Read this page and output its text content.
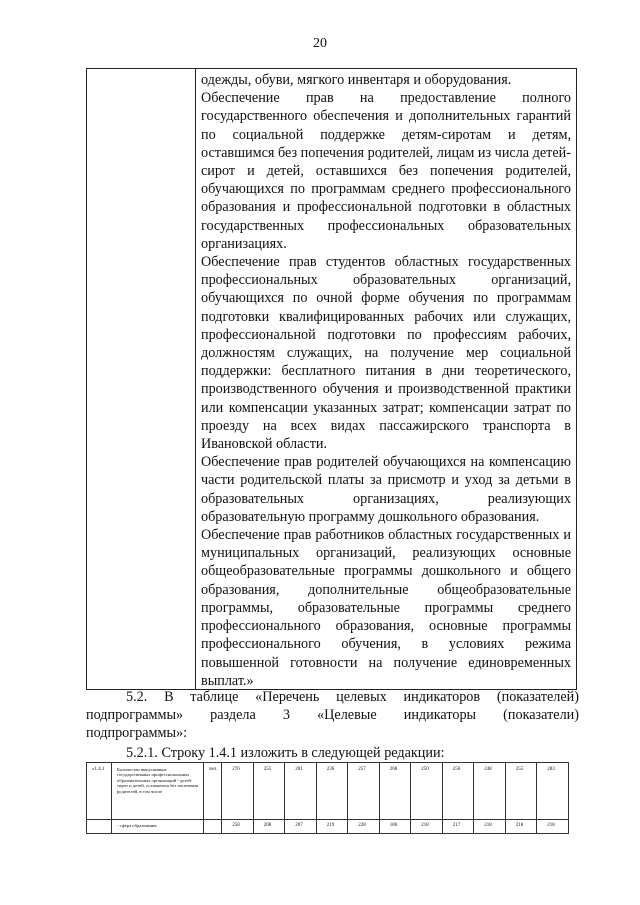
20

одежды, обуви, мягкого инвентаря и оборудования.

Обеспечение прав на предоставление полного государственного обеспечения и дополнительных гарантий по социальной поддержке детям-сиротам и детям, оставшимся без попечения родителей, лицам из числа детей-сирот и детей, оставшихся без попечения родителей, обучающихся по программам среднего профессионального образования и профессиональной подготовки в областных государственных профессиональных образовательных организациях.

Обеспечение прав студентов областных государственных профессиональных образовательных организаций, обучающихся по очной форме обучения по программам подготовки квалифицированных рабочих или служащих, профессиональной подготовки по профессиям рабочих, должностям служащих, на получение мер социальной поддержки: бесплатного питания в дни теоретического, производственного обучения и производственной практики или компенсации указанных затрат; компенсации затрат по проезду на всех видах пассажирского транспорта в Ивановской области.

Обеспечение прав родителей обучающихся на компенсацию части родительской платы за присмотр и уход за детьми в образовательных организациях, реализующих образовательную программу дошкольного образования.

Обеспечение прав работников областных государственных и муниципальных организаций, реализующих основные общеобразовательные программы дошкольного и общего образования, дополнительные общеобразовательные программы, образовательные программы среднего профессионального образования, основные программы профессионального обучения, в условиях режима повышенной готовности на получение единовременных выплат.»

5.2. В таблице «Перечень целевых индикаторов (показателей)

подпрограммы» раздела 3 «Целевые индикаторы (показатели)

подпрограммы»:

5.2.1. Строку 1.4.1 изложить в следующей редакции:
«1.4.1	Количество выпускников государственных профессиональных образовательных организаций - детей-сирот и детей, оставшихся без попечения родителей, в том числе
- сфера образования
чел.	276
258
255
208
281
207
236
219
257
228
268
186
250
218
256
217
248
218
255
218
283
218
